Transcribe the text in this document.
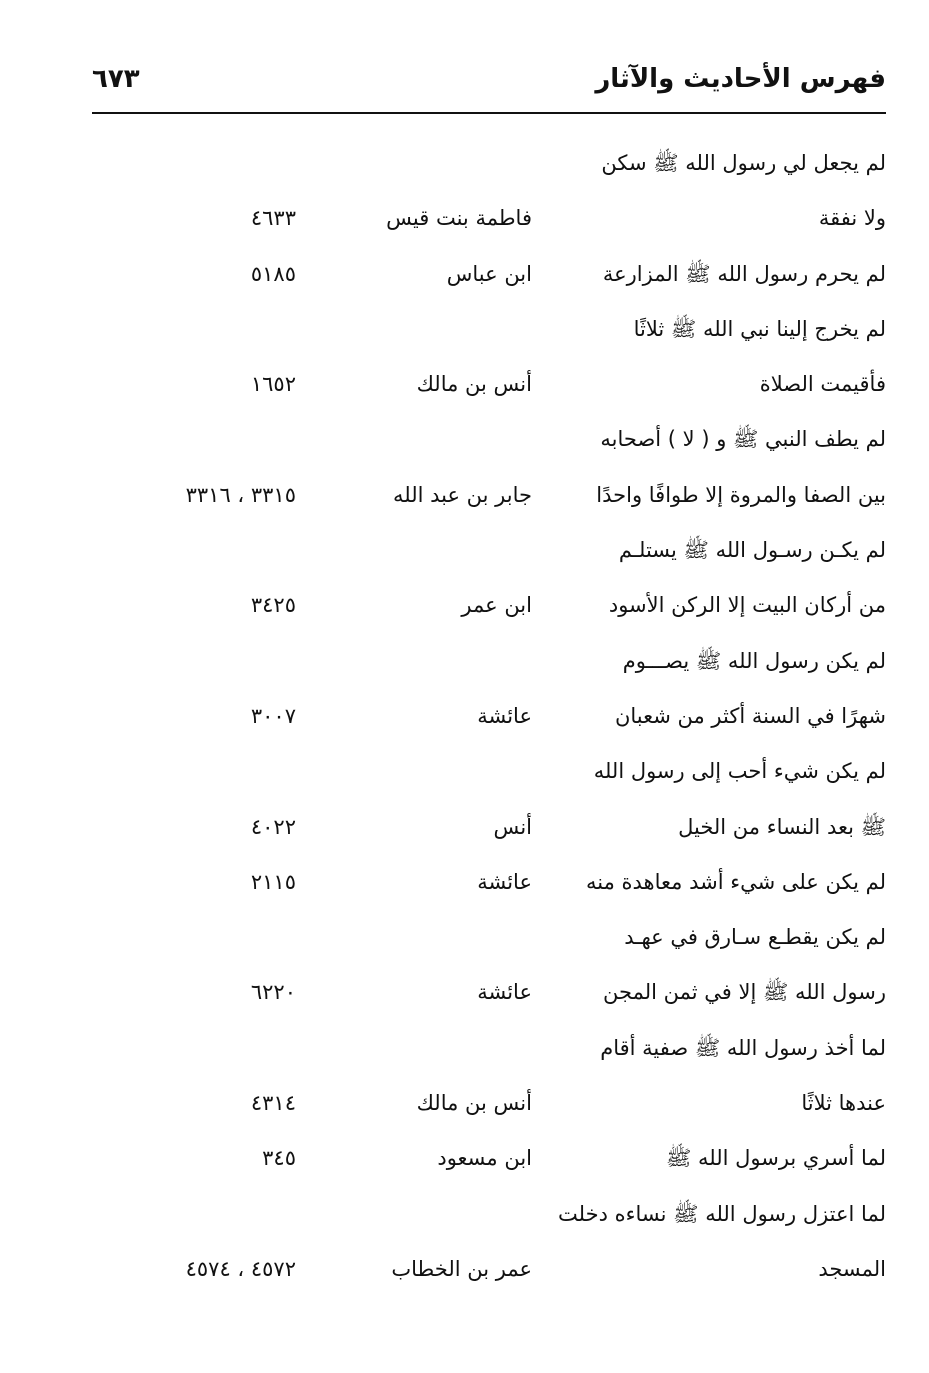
فهرس الأحاديث والآثار
٦٧٣
لم يجعل لي رسول الله ﷺ سكن
ولا نفقة
فاطمة بنت قيس
٤٦٣٣
لم يحرم رسول الله ﷺ المزارعة
ابن عباس
٥١٨٥
لم يخرج إلينا نبي الله ﷺ ثلاثًا
فأقيمت الصلاة
أنس بن مالك
١٦٥٢
لم يطف النبي ﷺ و ( لا ) أصحابه
بين الصفا والمروة إلا طوافًا واحدًا
جابر بن عبد الله
٣٣١٥ ، ٣٣١٦
لم يكـن رسـول الله ﷺ يستلـم
من أركان البيت إلا الركن الأسود
ابن عمر
٣٤٢٥
لم يكن رسول الله ﷺ يصـــوم
شهرًا في السنة أكثر من شعبان
عائشة
٣٠٠٧
لم يكن شيء أحب إلى رسول الله
ﷺ بعد النساء من الخيل
أنس
٤٠٢٢
لم يكن على شيء أشد معاهدة منه
عائشة
٢١١٥
لم يكن يقطـع سـارق في عهـد
رسول الله ﷺ إلا في ثمن المجن
عائشة
٦٢٢٠
لما أخذ رسول الله ﷺ صفية أقام
عندها ثلاثًا
أنس بن مالك
٤٣١٤
لما أسري برسول الله ﷺ
ابن مسعود
٣٤٥
لما اعتزل رسول الله ﷺ نساءه دخلت
المسجد
عمر بن الخطاب
٤٥٧٢ ، ٤٥٧٤
